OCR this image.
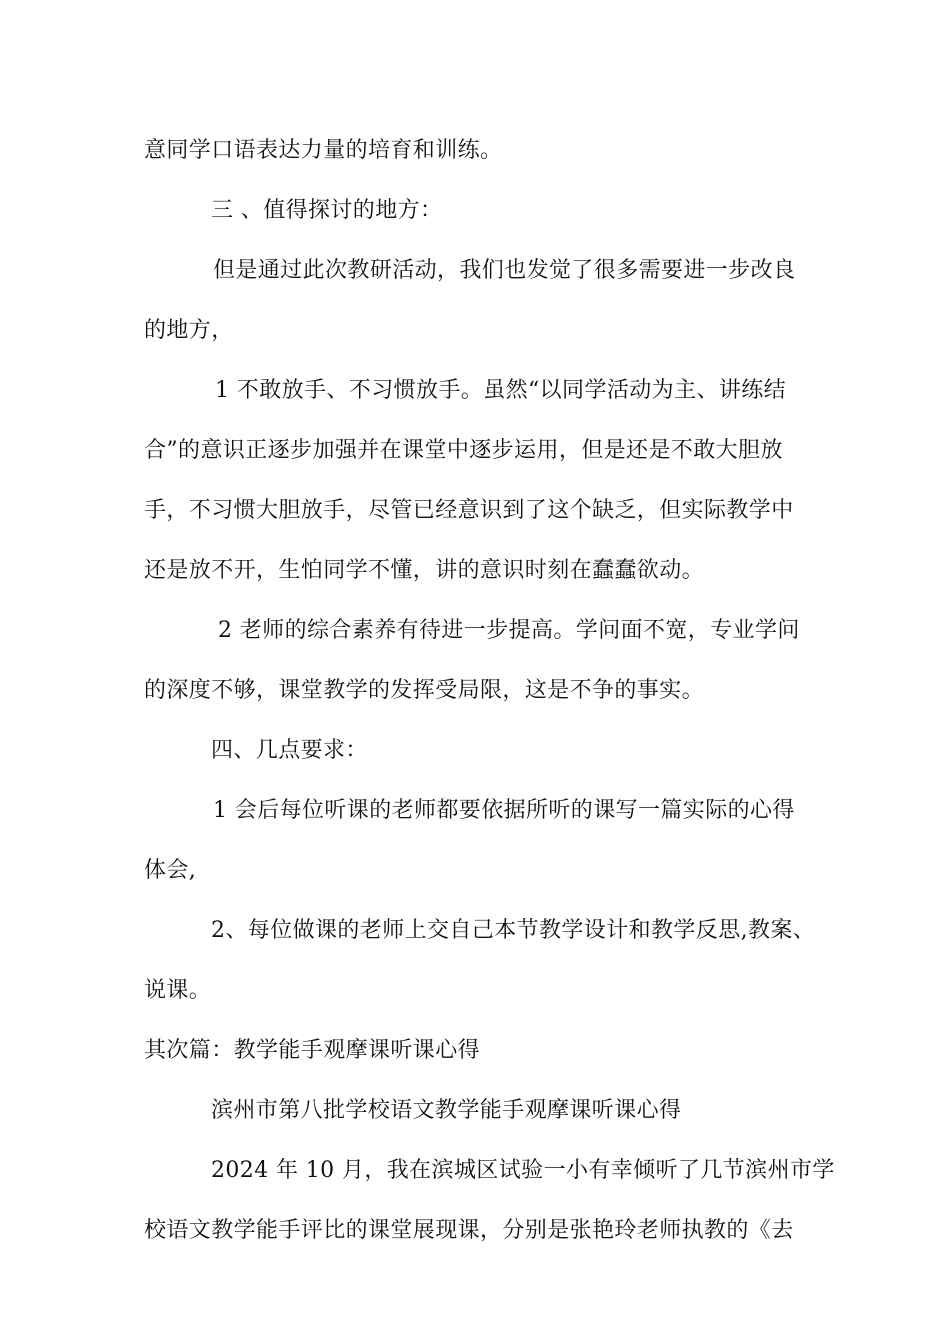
意同学口语表达力量的培育和训练。
三 、值得探讨的地方：
但是通过此次教研活动，我们也发觉了很多需要进一步改良
的地方，
1 不敢放手、不习惯放手。虽然“以同学活动为主、讲练结
合”的意识正逐步加强并在课堂中逐步运用，但是还是不敢大胆放
手，不习惯大胆放手，尽管已经意识到了这个缺乏，但实际教学中
还是放不开，生怕同学不懂，讲的意识时刻在蠢蠢欲动。
2 老师的综合素养有待进一步提高。学问面不宽，专业学问
的深度不够，课堂教学的发挥受局限，这是不争的事实。
四、几点要求：
1 会后每位听课的老师都要依据所听的课写一篇实际的心得
体会,
2、每位做课的老师上交自己本节教学设计和教学反思,教案、
说课。
其次篇：教学能手观摩课听课心得
滨州市第八批学校语文教学能手观摩课听课心得
2024 年 10 月，我在滨城区试验一小有幸倾听了几节滨州市学
校语文教学能手评比的课堂展现课，分别是张艳玲老师执教的《去
